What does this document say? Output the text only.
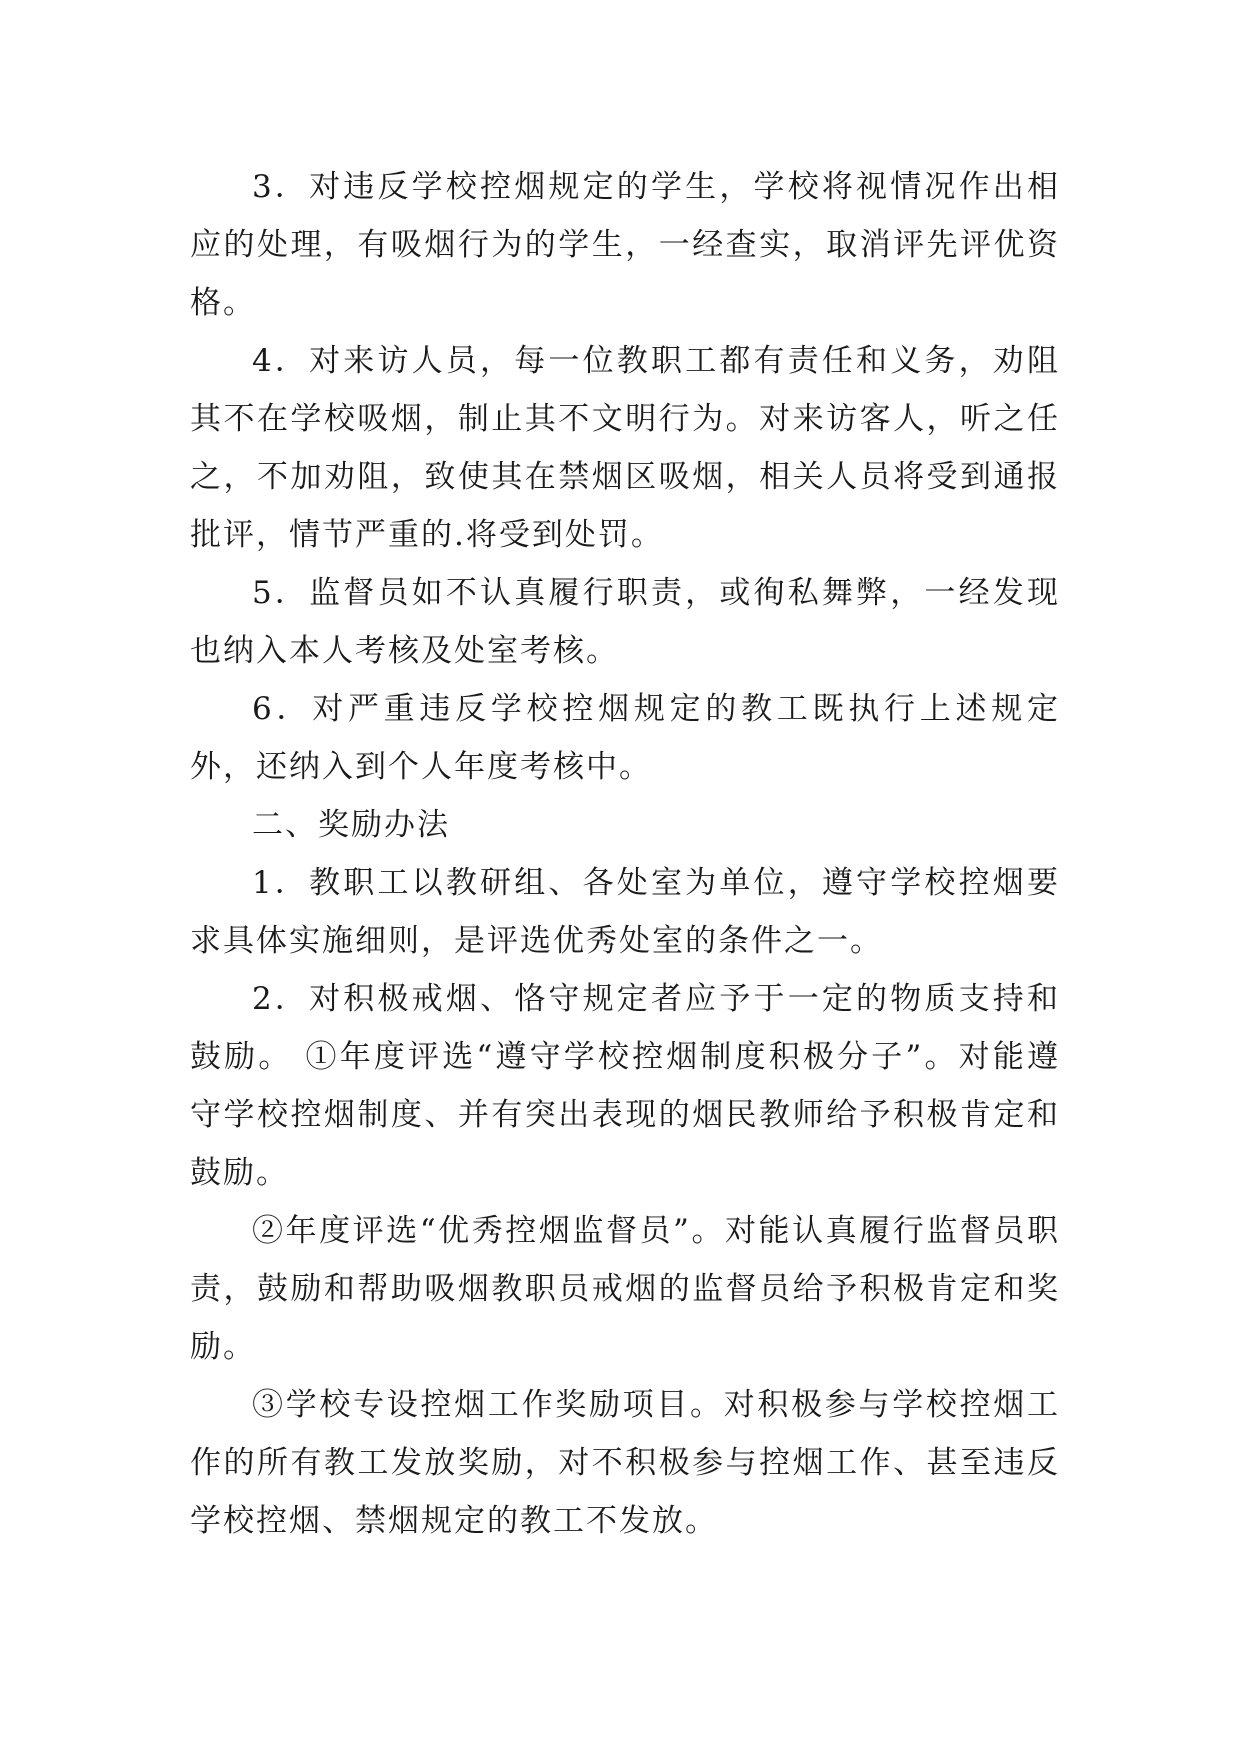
3．对违反学校控烟规定的学生，学校将视情况作出相应的处理，有吸烟行为的学生，一经查实，取消评先评优资格。

4．对来访人员，每一位教职工都有责任和义务，劝阻其不在学校吸烟，制止其不文明行为。对来访客人，听之任之，不加劝阻，致使其在禁烟区吸烟，相关人员将受到通报批评，情节严重的.将受到处罚。

5．监督员如不认真履行职责，或徇私舞弊，一经发现也纳入本人考核及处室考核。

6．对严重违反学校控烟规定的教工既执行上述规定外，还纳入到个人年度考核中。

二、奖励办法

1．教职工以教研组、各处室为单位，遵守学校控烟要求具体实施细则，是评选优秀处室的条件之一。

2．对积极戒烟、恪守规定者应予于一定的物质支持和鼓励。 ①年度评选“遵守学校控烟制度积极分子”。对能遵守学校控烟制度、并有突出表现的烟民教师给予积极肯定和鼓励。

②年度评选“优秀控烟监督员”。对能认真履行监督员职责，鼓励和帮助吸烟教职员戒烟的监督员给予积极肯定和奖励。

③学校专设控烟工作奖励项目。对积极参与学校控烟工作的所有教工发放奖励，对不积极参与控烟工作、甚至违反学校控烟、禁烟规定的教工不发放。
